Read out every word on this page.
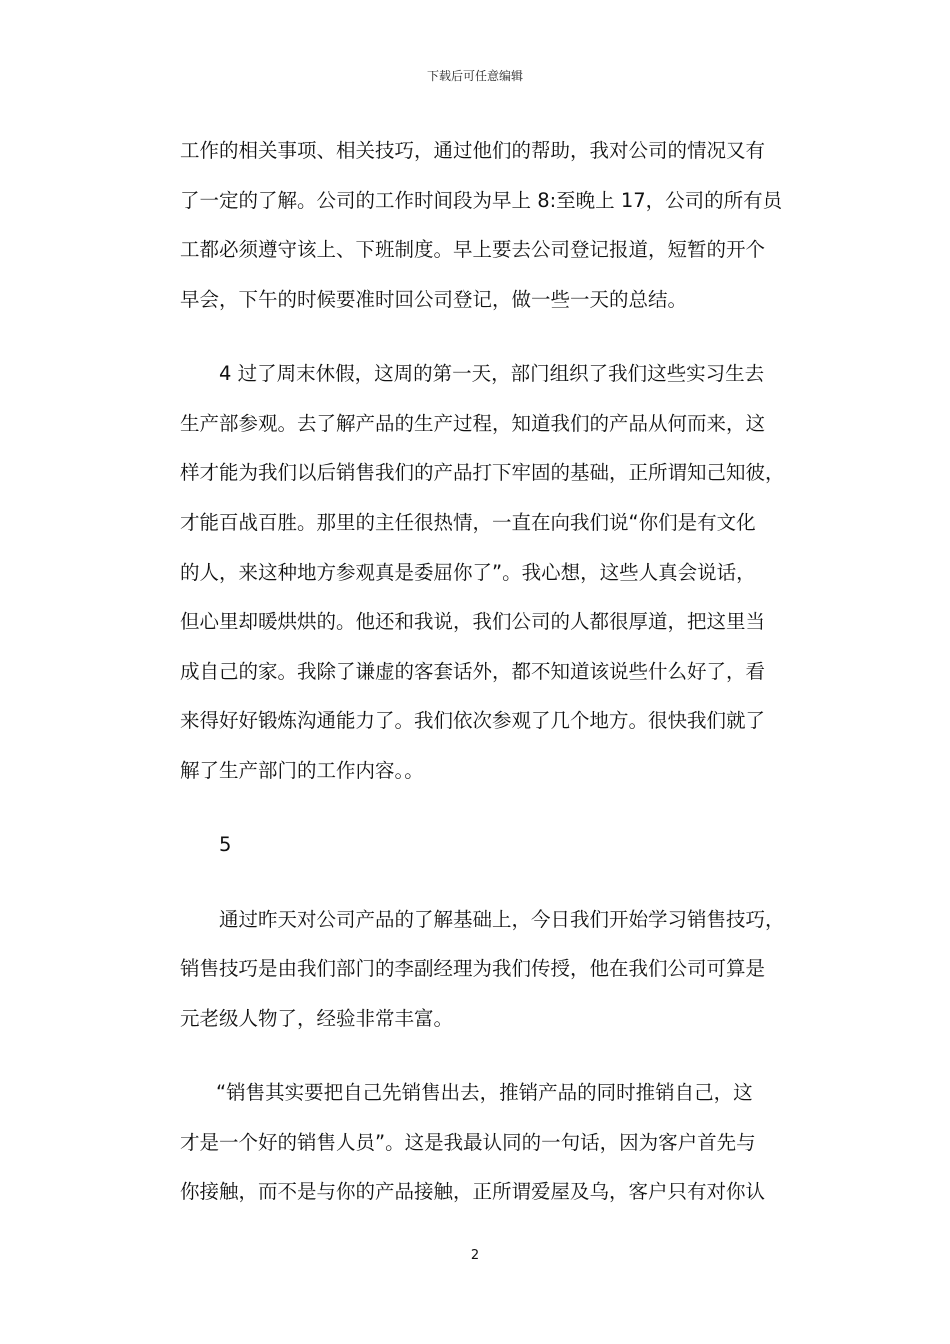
下载后可任意编辑
工作的相关事项、相关技巧，通过他们的帮助，我对公司的情况又有
了一定的了解。公司的工作时间段为早上 8:至晚上 17，公司的所有员
工都必须遵守该上、下班制度。早上要去公司登记报道，短暂的开个
早会，下午的时候要准时回公司登记，做一些一天的总结。
4 过了周末休假，这周的第一天，部门组织了我们这些实习生去
生产部参观。去了解产品的生产过程，知道我们的产品从何而来，这
样才能为我们以后销售我们的产品打下牢固的基础，正所谓知己知彼，
才能百战百胜。那里的主任很热情，一直在向我们说“你们是有文化
的人，来这种地方参观真是委屈你了”。我心想，这些人真会说话，
但心里却暖烘烘的。他还和我说，我们公司的人都很厚道，把这里当
成自己的家。我除了谦虚的客套话外，都不知道该说些什么好了，看
来得好好锻炼沟通能力了。我们依次参观了几个地方。很快我们就了
解了生产部门的工作内容。。
5
通过昨天对公司产品的了解基础上，今日我们开始学习销售技巧，
销售技巧是由我们部门的李副经理为我们传授，他在我们公司可算是
元老级人物了，经验非常丰富。
“销售其实要把自己先销售出去，推销产品的同时推销自己，这
才是一个好的销售人员”。这是我最认同的一句话，因为客户首先与
你接触，而不是与你的产品接触，正所谓爱屋及乌，客户只有对你认
2
